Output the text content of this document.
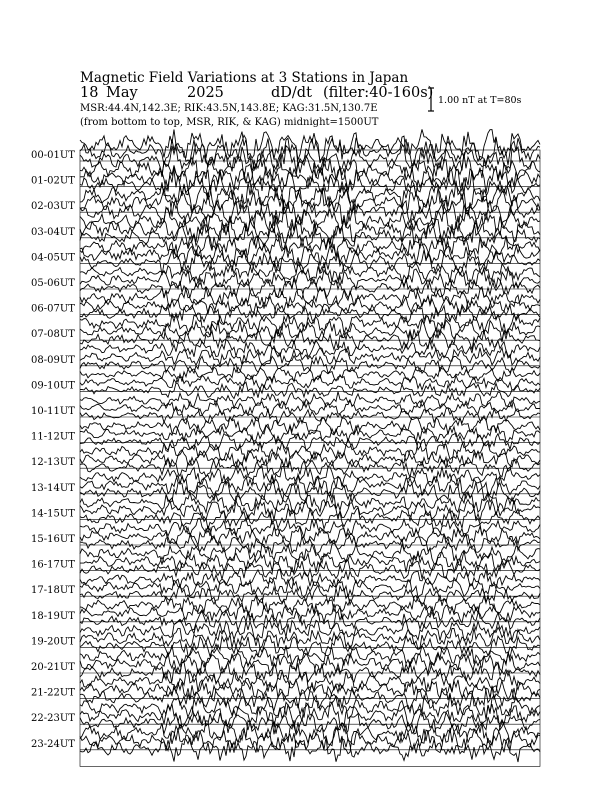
Magnetic Field Variations at 3 Stations in Japan
18 May	2025	dD/dt (filter:40-160s)
MSR:44.4N,142.3E; RIK:43.5N,143.8E; KAG:31.5N,130.7E
(from bottom to top, MSR, RIK, & KAG) midnight=1500UT
1.00 nT at T=80s
00-01UT
01-02UT
02-03UT
03-04UT
04-05UT
05-06UT
06-07UT
07-08UT
08-09UT
09-10UT
10-11UT
11-12UT
12-13UT
13-14UT
14-15UT
15-16UT
16-17UT
17-18UT
18-19UT
19-20UT
20-21UT
21-22UT
22-23UT
23-24UT
